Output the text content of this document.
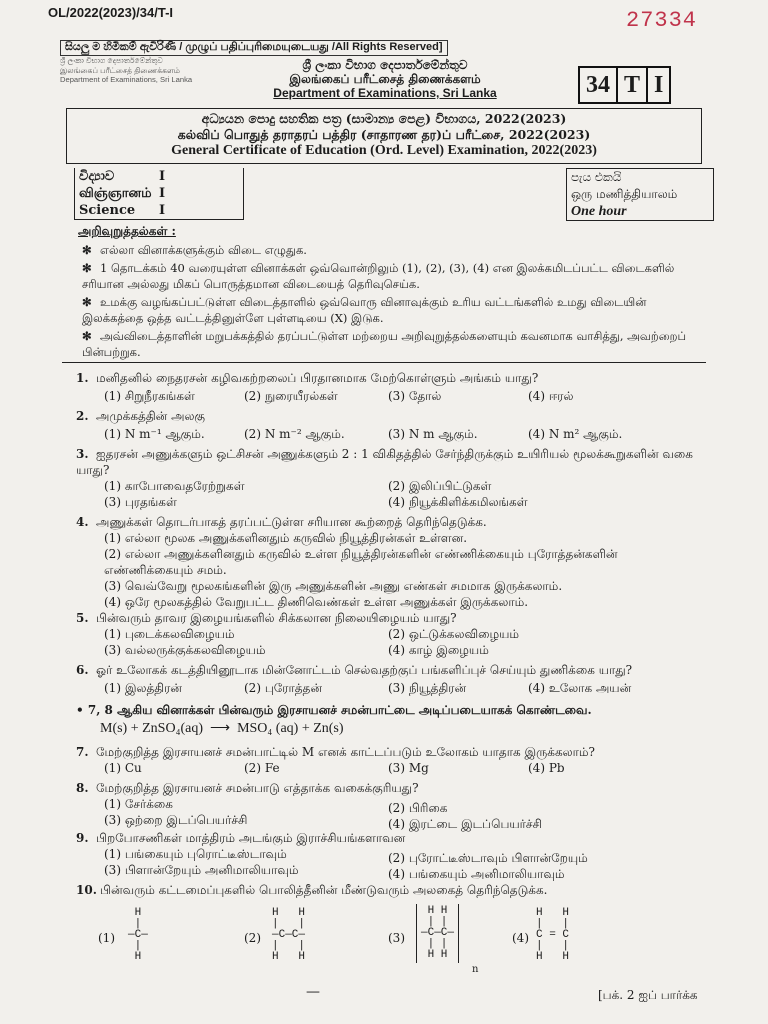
OL/2022(2023)/34/T-I	27334
සියලු ම හිමිකම් ඇවිරිණි / முழுப் பதிப்புரிமையுடையது /All Rights Reserved]
ශ්‍රී ලංකා විභාග දෙපාර්තමේන්තුව
இலங்கைப் பரீட்சைத் திணைக்களம்
Department of Examinations, Sri Lanka
ශ්‍රී ලංකා විභාග දෙපාර්තමේන්තුව
இலங்கைப் பரீட்சைத் திணைக்களம்
Department of Examinations, Sri Lanka	34 T I
අධ්‍යයන පොදු සහතික පත්‍ර (සාමාන්‍ය පෙළ) විභාගය, 2022(2023)
கல்விப் பொதுத் தராதரப் பத்திர (சாதாரண தர)ப் பரீட்சை, 2022(2023)
General Certificate of Education (Ord. Level) Examination, 2022(2023)
විද්‍යාව	I
விஞ்ஞானம் I
Science I
පැය එකයි
ஒரு மணித்தியாலம்
One hour
அறிவுறுத்தல்கள் :
✻ எல்லா வினாக்களுக்கும் விடை எழுதுக.
✻ 1 தொடக்கம் 40 வரையுள்ள வினாக்கள் ஒவ்வொன்றிலும் (1), (2), (3), (4) என இலக்கமிடப்பட்ட விடைகளில் சரியான அல்லது மிகப் பொருத்தமான விடையைத் தெரிவுசெய்க.
✻ உமக்கு வழங்கப்பட்டுள்ள விடைத்தாளில் ஒவ்வொரு வினாவுக்கும் உரிய வட்டங்களில் உமது விடையின் இலக்கத்தை ஒத்த வட்டத்தினுள்ளே புள்ளடியை (X) இடுக.
✻ அவ்விடைத்தாளின் மறுபக்கத்தில் தரப்பட்டுள்ள மற்றைய அறிவுறுத்தல்களையும் கவனமாக வாசித்து, அவற்றைப் பின்பற்றுக.
1. மனிதனில் நைதரசன் கழிவகற்றலைப் பிரதானமாக மேற்கொள்ளும் அங்கம் யாது?
(1) சிறுநீரகங்கள்	(2) நுரையீரல்கள்	(3) தோல்	(4) ஈரல்
2. அமுக்கத்தின் அலகு
(1) N m⁻¹ ஆகும்.	(2) N m⁻² ஆகும்.	(3) N m ஆகும்.	(4) N m² ஆகும்.
3. ஐதரசன் அணுக்களும் ஒட்சிசன் அணுக்களும் 2 : 1 விகிதத்தில் சேர்ந்திருக்கும் உயிரியல் மூலக்கூறுகளின் வகை யாது?
(1) காபோவைதரேற்றுகள்	(2) இலிப்பிட்டுகள்
(3) புரதங்கள்	(4) நியூக்கிளிக்கமிலங்கள்
4. அணுக்கள் தொடர்பாகத் தரப்பட்டுள்ள சரியான கூற்றைத் தெரிந்தெடுக்க.
(1) எல்லா மூலக அணுக்களினதும் கருவில் நியூத்திரன்கள் உள்ளன.
(2) எல்லா அணுக்களினதும் கருவில் உள்ள நியூத்திரன்களின் எண்ணிக்கையும் புரோத்தன்களின் எண்ணிக்கையும் சமம்.
(3) வெவ்வேறு மூலகங்களின் இரு அணுக்களின் அணு எண்கள் சமமாக இருக்கலாம்.
(4) ஒரே மூலகத்தில் வேறுபட்ட திணிவெண்கள் உள்ள அணுக்கள் இருக்கலாம்.
5. பின்வரும் தாவர இழையங்களில் சிக்கலான நிலையிழையம் யாது?
(1) புடைக்கலவிழையம்	(2) ஒட்டுக்கலவிழையம்
(3) வல்லருக்குக்கலவிழையம்	(4) காழ் இழையம்
6. ஓர் உலோகக் கடத்தியினூடாக மின்னோட்டம் செல்வதற்குப் பங்களிப்புச் செய்யும் துணிக்கை யாது?
(1) இலத்திரன்	(2) புரோத்தன்	(3) நியூத்திரன்	(4) உலோக அயன்
• 7, 8 ஆகிய வினாக்கள் பின்வரும் இரசாயனச் சமன்பாட்டை அடிப்படையாகக் கொண்டவை.
M(s) + ZnSO₄(aq)  ⟶  MSO₄ (aq) + Zn(s)
7. மேற்குறித்த இரசாயனச் சமன்பாட்டில் M எனக் காட்டப்படும் உலோகம் யாதாக இருக்கலாம்?
(1) Cu	(2) Fe	(3) Mg	(4) Pb
8. மேற்குறித்த இரசாயனச் சமன்பாடு எத்தாக்க வகைக்குரியது?
(1) சேர்க்கை	(2) பிரிகை
(3) ஒற்றை இடப்பெயர்ச்சி	(4) இரட்டை இடப்பெயர்ச்சி
9. பிறபோசணிகள் மாத்திரம் அடங்கும் இராச்சியங்களாவன
(1) பங்கையும் புரொட்டீஸ்டாவும்	(2) புரோட்டீஸ்டாவும் பிளான்றேயும்
(3) பிளான்றேயும் அனிமாலியாவும்	(4) பங்கையும் அனிமாலியாவும்
10. பின்வரும் கட்டமைப்புகளில் பொலித்தீனின் மீண்டுவரும் அலகைத் தெரிந்தெடுக்க.
(1)
H
|
—C—
|
H
(2)
H   H
|   |
—C—C—
|   |
H   H
(3)
H H
| |
—C—C—
| |
H H
n
(4)
H   H
|   |
C = C
|   |
H   H
—	[பக். 2 ஐப் பார்க்க
